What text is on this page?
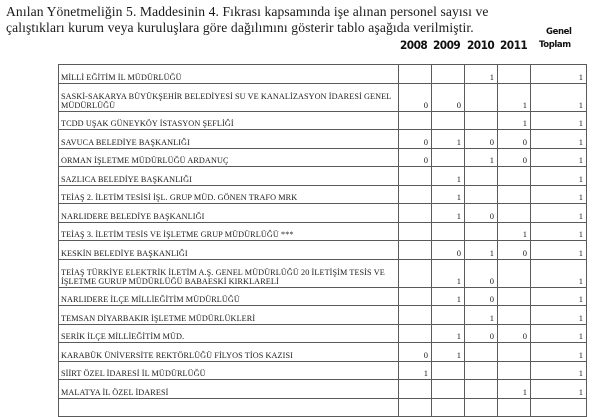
Anılan Yönetmeliğin 5. Maddesinin 4. Fıkrası kapsamında işe alınan personel sayısı ve
çalıştıkları kurum veya kuruluşlara göre dağılımını gösterir tablo aşağıda verilmiştir.
2008 2009 2010 2011
Genel
Toplam
MİLLİ EĞİTİM İL MÜDÜRLÜĞÜ			1		1
SASKİ-SAKARYA BÜYÜKŞEHİR BELEDİYESİ SU VE KANALİZASYON İDARESİ GENEL MÜDÜRLÜĞÜ	0	0		1	1
TCDD UŞAK GÜNEYKÖY İSTASYON ŞEFLİĞİ				1	1
SAVUCA BELEDİYE BAŞKANLIĞI	0	1	0	0	1
ORMAN İŞLETME MÜDÜRLÜĞÜ ARDANUÇ	0		1	0	1
SAZLICA BELEDİYE BAŞKANLIĞI		1			1
TEİAŞ 2. İLETİM TESİSİ İŞL. GRUP MÜD. GÖNEN TRAFO MRK		1			1
NARLIDERE BELEDİYE BAŞKANLIĞI		1	0		1
TEİAŞ 3. İLETİM TESİS VE İŞLETME GRUP MÜDÜRLÜĞÜ ***				1	1
KESKİN BELEDİYE BAŞKANLIĞI		0	1	0	1
TEİAŞ TÜRKİYE ELEKTRİK İLETİM A.Ş. GENEL MÜDÜRLÜĞÜ 20 İLETİŞİM TESİS VE İŞLETME GURUP MÜDÜRLÜĞÜ BABAESKİ KIRKLARELİ		1	0		1
NARLIDERE İLÇE MİLLİEĞİTİM MÜDÜRLÜĞÜ		1	0		1
TEMSAN DİYARBAKIR İŞLETME MÜDÜRLÜKLERİ			1		1
SERİK İLÇE MİLLİEĞİTİM MÜD.		1	0	0	1
KARABÜK ÜNİVERSİTE REKTÖRLÜĞÜ FİLYOS TİOS KAZISI	0	1			1
SİİRT ÖZEL İDARESİ İL MÜDÜRLÜĞÜ	1				1
MALATYA İL ÖZEL İDARESİ				1	1
